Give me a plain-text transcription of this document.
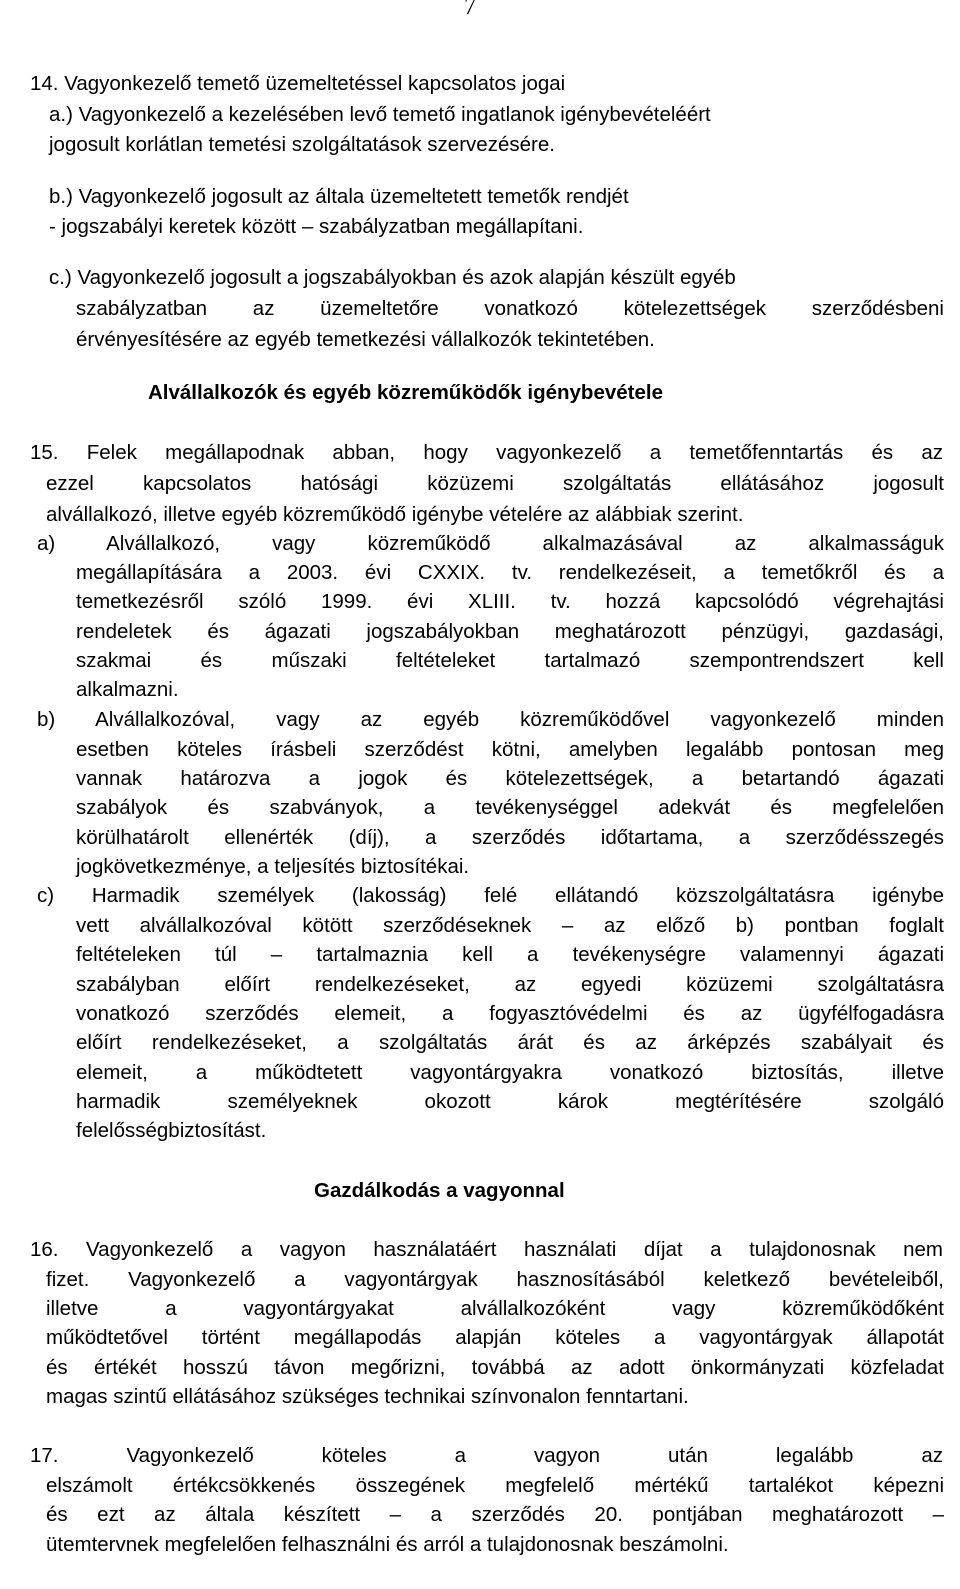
7
14. Vagyonkezelő temető üzemeltetéssel kapcsolatos jogai
a.) Vagyonkezelő a kezelésében levő temető ingatlanok igénybevételéért
jogosult korlátlan temetési szolgáltatások szervezésére.
b.) Vagyonkezelő jogosult az általa üzemeltetett temetők rendjét
- jogszabályi keretek között – szabályzatban megállapítani.
c.) Vagyonkezelő jogosult a jogszabályokban és azok alapján készült egyéb
szabályzatban az üzemeltetőre vonatkozó kötelezettségek szerződésbeni
érvényesítésére az egyéb temetkezési vállalkozók tekintetében.
Alvállalkozók és egyéb közreműködők igénybevétele
15. Felek megállapodnak abban, hogy vagyonkezelő a temetőfenntartás és az
ezzel kapcsolatos hatósági közüzemi szolgáltatás ellátásához jogosult
alvállalkozó, illetve egyéb közreműködő igénybe vételére az alábbiak szerint.
a) Alvállalkozó, vagy közreműködő alkalmazásával az alkalmasságuk
megállapítására a 2003. évi CXXIX. tv. rendelkezéseit, a temetőkről és a
temetkezésről szóló 1999. évi XLIII. tv. hozzá kapcsolódó végrehajtási
rendeletek és ágazati jogszabályokban meghatározott pénzügyi, gazdasági,
szakmai és műszaki feltételeket tartalmazó szempontrendszert kell
alkalmazni.
b) Alvállalkozóval, vagy az egyéb közreműködővel vagyonkezelő minden
esetben köteles írásbeli szerződést kötni, amelyben legalább pontosan meg
vannak határozva a jogok és kötelezettségek, a betartandó ágazati
szabályok és szabványok, a tevékenységgel adekvát és megfelelően
körülhatárolt ellenérték (díj), a szerződés időtartama, a szerződésszegés
jogkövetkezménye, a teljesítés biztosítékai.
c) Harmadik személyek (lakosság) felé ellátandó közszolgáltatásra igénybe
vett alvállalkozóval kötött szerződéseknek – az előző b) pontban foglalt
feltételeken túl – tartalmaznia kell a tevékenységre valamennyi ágazati
szabályban előírt rendelkezéseket, az egyedi közüzemi szolgáltatásra
vonatkozó szerződés elemeit, a fogyasztóvédelmi és az ügyfélfogadásra
előírt rendelkezéseket, a szolgáltatás árát és az árképzés szabályait és
elemeit, a működtetett vagyontárgyakra vonatkozó biztosítás, illetve
harmadik személyeknek okozott károk megtérítésére szolgáló
felelősségbiztosítást.
Gazdálkodás a vagyonnal
16. Vagyonkezelő a vagyon használatáért használati díjat a tulajdonosnak nem
fizet. Vagyonkezelő a vagyontárgyak hasznosításából keletkező bevételeiből,
illetve a vagyontárgyakat alvállalkozóként vagy közreműködőként
működtetővel történt megállapodás alapján köteles a vagyontárgyak állapotát
és értékét hosszú távon megőrizni, továbbá az adott önkormányzati közfeladat
magas szintű ellátásához szükséges technikai színvonalon fenntartani.
17. Vagyonkezelő köteles a vagyon után legalább az
elszámolt értékcsökkenés összegének megfelelő mértékű tartalékot képezni
és ezt az általa készített – a szerződés 20. pontjában meghatározott –
ütemtervnek megfelelően felhasználni és arról a tulajdonosnak beszámolni.
